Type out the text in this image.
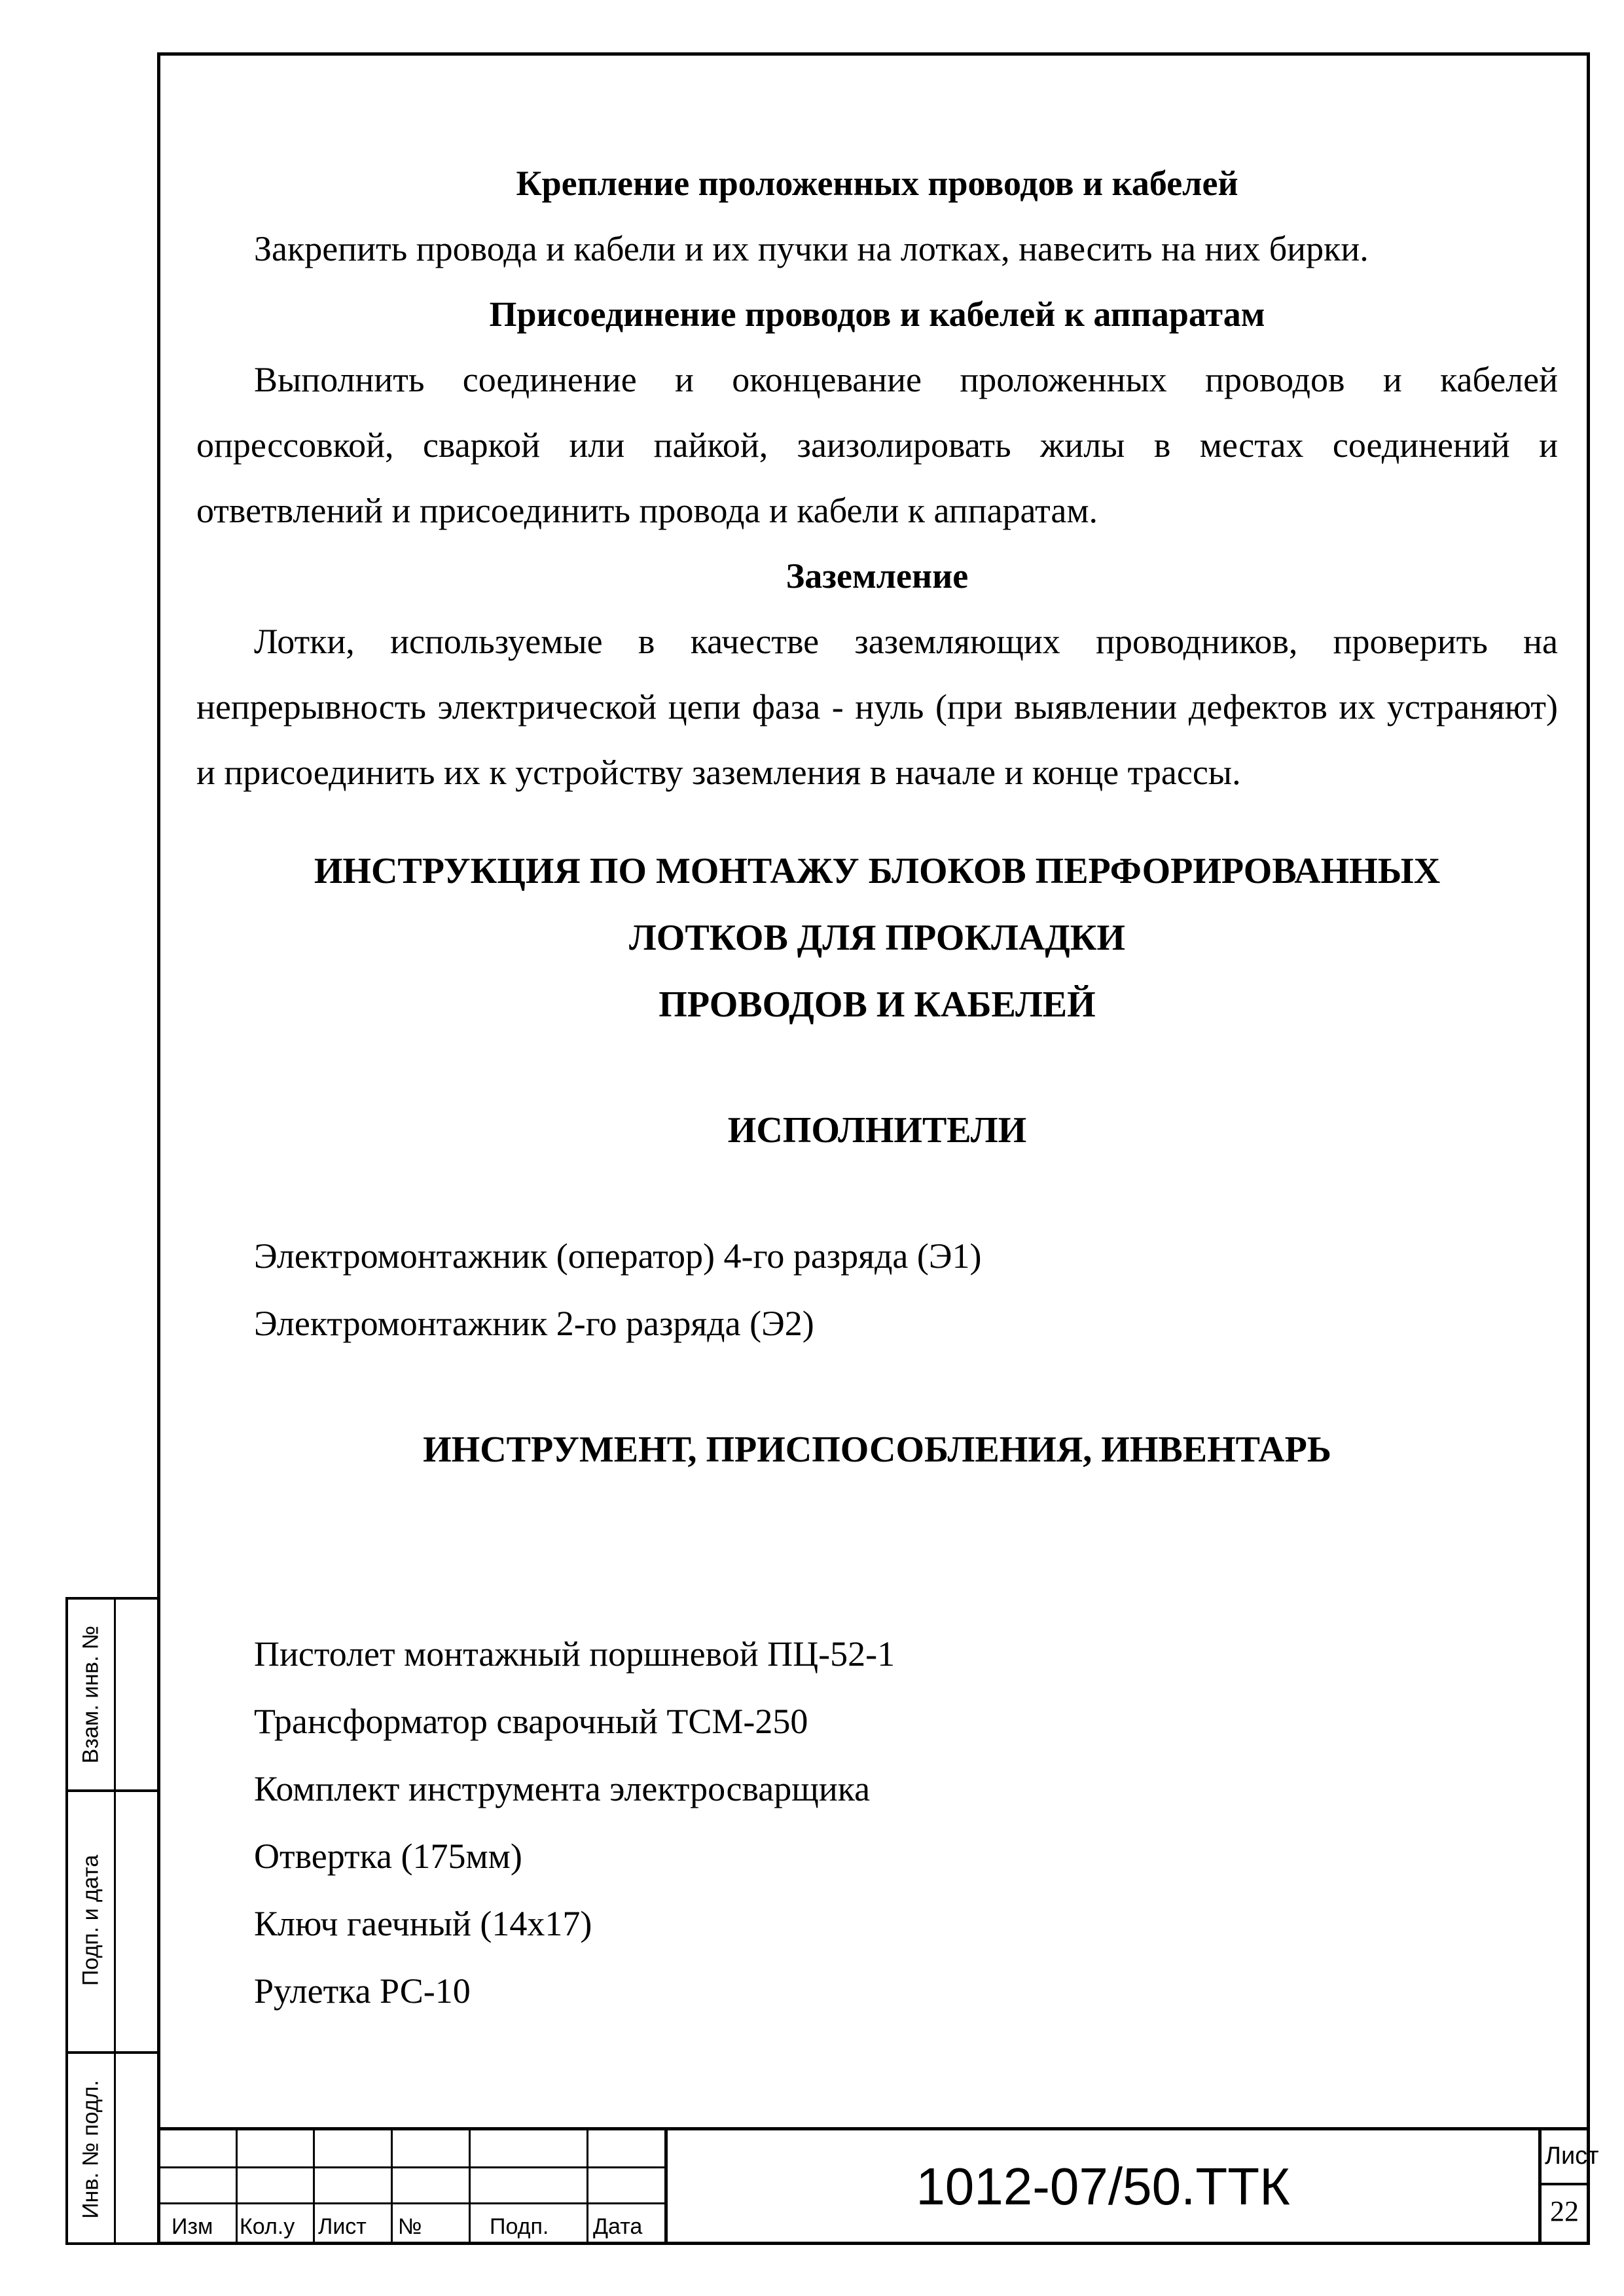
Крепление проложенных проводов и кабелей

Закрепить провода и кабели и их пучки на лотках, навесить на них бирки.

Присоединение проводов и кабелей к аппаратам

Выполнить соединение и оконцевание проложенных проводов и кабелей опрессовкой, сваркой или пайкой, заизолировать жилы в местах соединений и ответвлений и присоединить провода и кабели к аппаратам.

Заземление

Лотки, используемые в качестве заземляющих проводников, проверить на непрерывность электрической цепи фаза - нуль (при выявлении дефектов их устраняют) и присоединить их к устройству заземления в начале и конце трассы.

ИНСТРУКЦИЯ ПО МОНТАЖУ БЛОКОВ ПЕРФОРИРОВАННЫХ

ЛОТКОВ ДЛЯ ПРОКЛАДКИ

ПРОВОДОВ И КАБЕЛЕЙ

ИСПОЛНИТЕЛИ

Электромонтажник (оператор) 4-го разряда (Э1)

Электромонтажник 2-го разряда (Э2)

ИНСТРУМЕНТ, ПРИСПОСОБЛЕНИЯ, ИНВЕНТАРЬ

Пистолет монтажный поршневой ПЦ-52-1

Трансформатор сварочный ТСМ-250

Комплект инструмента электросварщика

Отвертка (175мм)

Ключ гаечный (14x17)

Рулетка РС-10

Взам. инв. №
Подп. и дата
Инв. № подл.
Изм Кол.у Лист №	Подп. Дата
1012-07/50.ТТК
Лист
22
